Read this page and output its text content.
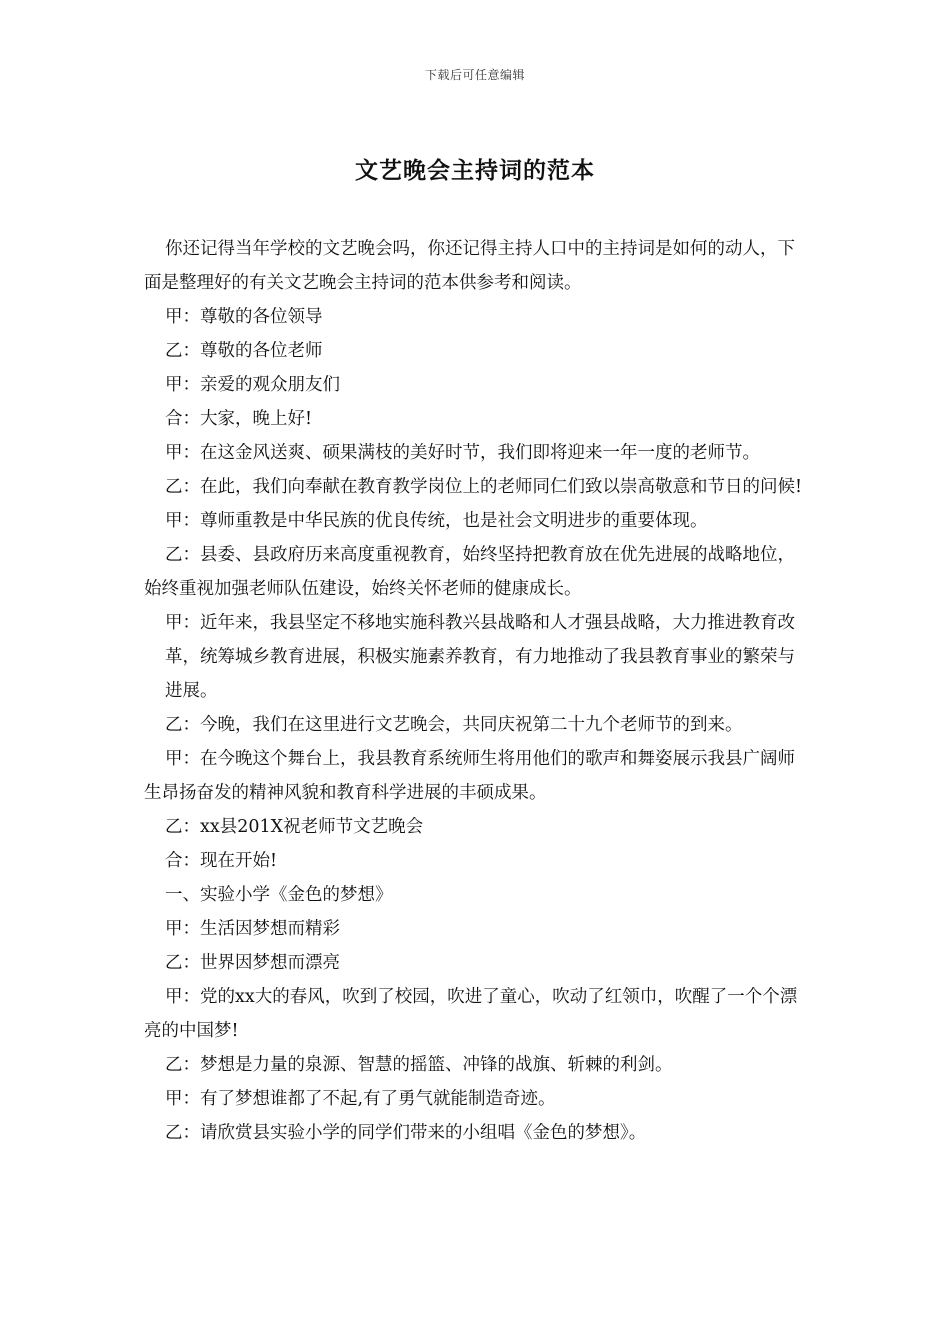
下载后可任意编辑
文艺晚会主持词的范本

你还记得当年学校的文艺晚会吗，你还记得主持人口中的主持词是如何的动人，下面是整理好的有关文艺晚会主持词的范本供参考和阅读。

甲：尊敬的各位领导

乙：尊敬的各位老师

甲：亲爱的观众朋友们

合：大家，晚上好!

甲：在这金风送爽、硕果满枝的美好时节，我们即将迎来一年一度的老师节。

乙：在此，我们向奉献在教育教学岗位上的老师同仁们致以崇高敬意和节日的问候!

甲：尊师重教是中华民族的优良传统，也是社会文明进步的重要体现。

乙：县委、县政府历来高度重视教育，始终坚持把教育放在优先进展的战略地位，始终重视加强老师队伍建设，始终关怀老师的健康成长。

甲：近年来，我县坚定不移地实施科教兴县战略和人才强县战略，大力推进教育改革，统筹城乡教育进展，积极实施素养教育，有力地推动了我县教育事业的繁荣与进展。

乙：今晚，我们在这里进行文艺晚会，共同庆祝第二十九个老师节的到来。

甲：在今晚这个舞台上，我县教育系统师生将用他们的歌声和舞姿展示我县广阔师生昂扬奋发的精神风貌和教育科学进展的丰硕成果。

乙：xx县201X祝老师节文艺晚会

合：现在开始!

一、实验小学《金色的梦想》

甲：生活因梦想而精彩

乙：世界因梦想而漂亮

甲：党的xx大的春风，吹到了校园，吹进了童心，吹动了红领巾，吹醒了一个个漂亮的中国梦!

乙：梦想是力量的泉源、智慧的摇篮、冲锋的战旗、斩棘的利剑。

甲：有了梦想谁都了不起,有了勇气就能制造奇迹。

乙：请欣赏县实验小学的同学们带来的小组唱《金色的梦想》。
